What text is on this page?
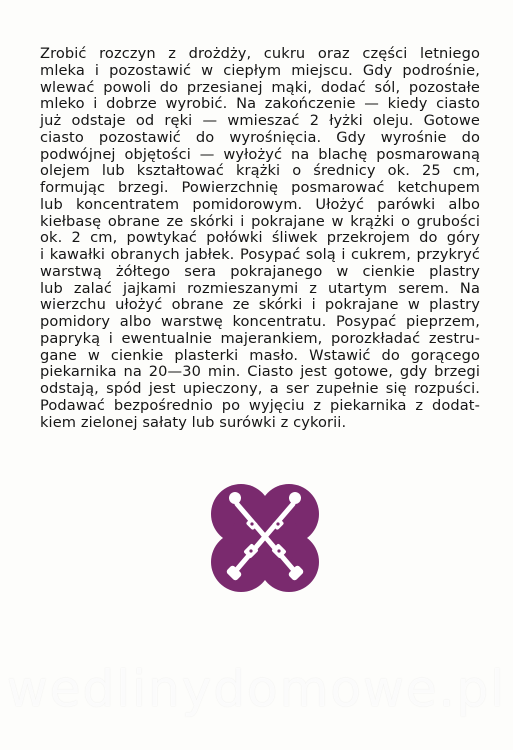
Zrobić rozczyn z drożdży, cukru oraz części letniego
mleka i pozostawić w ciepłym miejscu. Gdy podrośnie,
wlewać powoli do przesianej mąki, dodać sól, pozostałe
mleko i dobrze wyrobić. Na zakończenie — kiedy ciasto
już odstaje od ręki — wmieszać 2 łyżki oleju. Gotowe
ciasto pozostawić do wyrośnięcia. Gdy wyrośnie do
podwójnej objętości — wyłożyć na blachę posmarowaną
olejem lub kształtować krążki o średnicy ok. 25 cm,
formując brzegi. Powierzchnię posmarować ketchupem
lub koncentratem pomidorowym. Ułożyć parówki albo
kiełbasę obrane ze skórki i pokrajane w krążki o grubości
ok. 2 cm, powtykać połówki śliwek przekrojem do góry
i kawałki obranych jabłek. Posypać solą i cukrem, przykryć
warstwą żółtego sera pokrajanego w cienkie plastry
lub zalać jajkami rozmieszanymi z utartym serem. Na
wierzchu ułożyć obrane ze skórki i pokrajane w plastry
pomidory albo warstwę koncentratu. Posypać pieprzem,
papryką i ewentualnie majerankiem, porozkładać zestru-
gane w cienkie plasterki masło. Wstawić do gorącego
piekarnika na 20—30 min. Ciasto jest gotowe, gdy brzegi
odstają, spód jest upieczony, a ser zupełnie się rozpuści.
Podawać bezpośrednio po wyjęciu z piekarnika z dodat-
kiem zielonej sałaty lub surówki z cykorii.

wedlinydomowe.pl
